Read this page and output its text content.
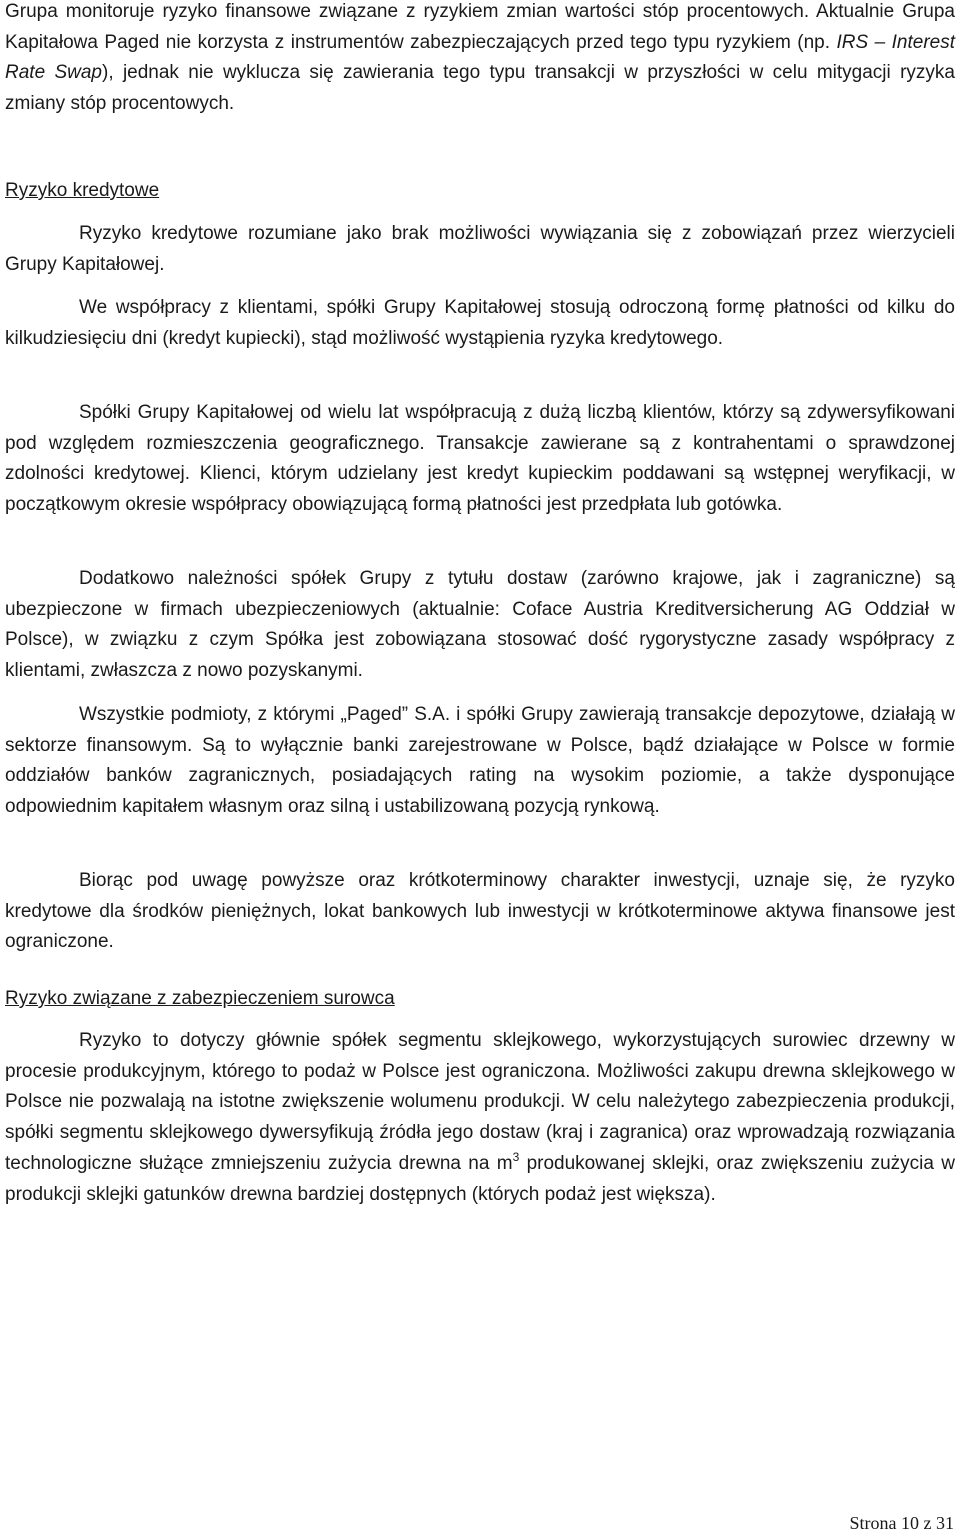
Grupa monitoruje ryzyko finansowe związane z ryzykiem zmian wartości stóp procentowych. Aktualnie Grupa Kapitałowa Paged nie korzysta z instrumentów zabezpieczających przed tego typu ryzykiem (np. IRS – Interest Rate Swap), jednak nie wyklucza się zawierania tego typu transakcji w przyszłości w celu mitygacji ryzyka zmiany stóp procentowych.

Ryzyko kredytowe

Ryzyko kredytowe rozumiane jako brak możliwości wywiązania się z zobowiązań przez wierzycieli Grupy Kapitałowej.

We współpracy z klientami, spółki Grupy Kapitałowej stosują odroczoną formę płatności od kilku do kilkudziesięciu dni (kredyt kupiecki), stąd możliwość wystąpienia ryzyka kredytowego.

Spółki Grupy Kapitałowej od wielu lat współpracują z dużą liczbą klientów, którzy są zdywersyfikowani pod względem rozmieszczenia geograficznego. Transakcje zawierane są z kontrahentami o sprawdzonej zdolności kredytowej. Klienci, którym udzielany jest kredyt kupieckim poddawani są wstępnej weryfikacji, w początkowym okresie współpracy obowiązującą formą płatności jest przedpłata lub gotówka.

Dodatkowo należności spółek Grupy z tytułu dostaw (zarówno krajowe, jak i zagraniczne) są ubezpieczone w firmach ubezpieczeniowych (aktualnie: Coface Austria Kreditversicherung AG Oddział w Polsce), w związku z czym Spółka jest zobowiązana stosować dość rygorystyczne zasady współpracy z klientami, zwłaszcza z nowo pozyskanymi.

Wszystkie podmioty, z którymi „Paged” S.A. i spółki Grupy zawierają transakcje depozytowe, działają w sektorze finansowym. Są to wyłącznie banki zarejestrowane w Polsce, bądź działające w Polsce w formie oddziałów banków zagranicznych, posiadających rating na wysokim poziomie, a także dysponujące odpowiednim kapitałem własnym oraz silną i ustabilizowaną pozycją rynkową.

Biorąc pod uwagę powyższe oraz krótkoterminowy charakter inwestycji, uznaje się, że ryzyko kredytowe dla środków pieniężnych, lokat bankowych lub inwestycji w krótkoterminowe aktywa finansowe jest ograniczone.

Ryzyko związane z zabezpieczeniem surowca

Ryzyko to dotyczy głównie spółek segmentu sklejkowego, wykorzystujących surowiec drzewny w procesie produkcyjnym, którego to podaż w Polsce jest ograniczona. Możliwości zakupu drewna sklejkowego w Polsce nie pozwalają na istotne zwiększenie wolumenu produkcji. W celu należytego zabezpieczenia produkcji, spółki segmentu sklejkowego dywersyfikują źródła jego dostaw (kraj i zagranica) oraz wprowadzają rozwiązania technologiczne służące zmniejszeniu zużycia drewna na $m^3$ produkowanej sklejki, oraz zwiększeniu zużycia w produkcji sklejki gatunków drewna bardziej dostępnych (których podaż jest większa).

Strona 10 z 31
